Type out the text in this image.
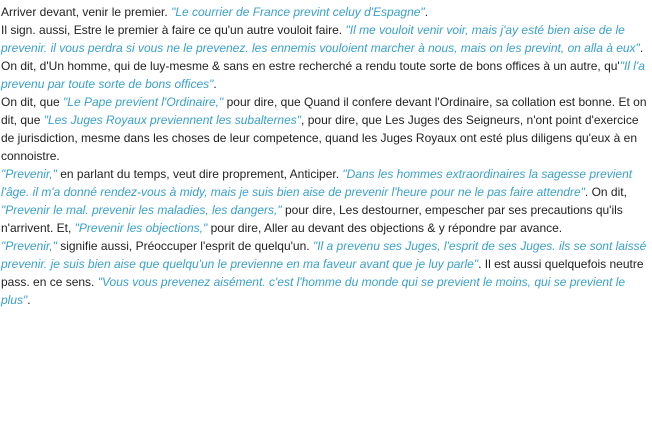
Arriver devant, venir le premier. "Le courrier de France prevint celuy d'Espagne".
Il sign. aussi, Estre le premier à faire ce qu'un autre vouloit faire. "Il me vouloit venir voir, mais j'ay esté bien aise de le prevenir. il vous perdra si vous ne le prevenez. les ennemis vouloient marcher à nous, mais on les prevint, on alla à eux".
On dit, d'Un homme, qui de luy-mesme & sans en estre recherché a rendu toute sorte de bons offices à un autre, qu'"Il l'a prevenu par toute sorte de bons offices".
On dit, que "Le Pape previent l'Ordinaire," pour dire, que Quand il confere devant l'Ordinaire, sa collation est bonne. Et on dit, que "Les Juges Royaux previennent les subalternes", pour dire, que Les Juges des Seigneurs, n'ont point d'exercice de jurisdiction, mesme dans les choses de leur competence, quand les Juges Royaux ont esté plus diligens qu'eux à en connoistre.
"Prevenir," en parlant du temps, veut dire proprement, Anticiper. "Dans les hommes extraordinaires la sagesse previent l'âge. il m'a donné rendez-vous à midy, mais je suis bien aise de prevenir l'heure pour ne le pas faire attendre". On dit, "Prevenir le mal. prevenir les maladies, les dangers," pour dire, Les destourner, empescher par ses precautions qu'ils n'arrivent. Et, "Prevenir les objections," pour dire, Aller au devant des objections & y répondre par avance.
"Prevenir," signifie aussi, Préoccuper l'esprit de quelqu'un. "Il a prevenu ses Juges, l'esprit de ses Juges. ils se sont laissé prevenir. je suis bien aise que quelqu'un le previenne en ma faveur avant que je luy parle". Il est aussi quelquefois neutre pass. en ce sens. "Vous vous prevenez aisément. c'est l'homme du monde qui se previent le moins, qui se previent le plus".
